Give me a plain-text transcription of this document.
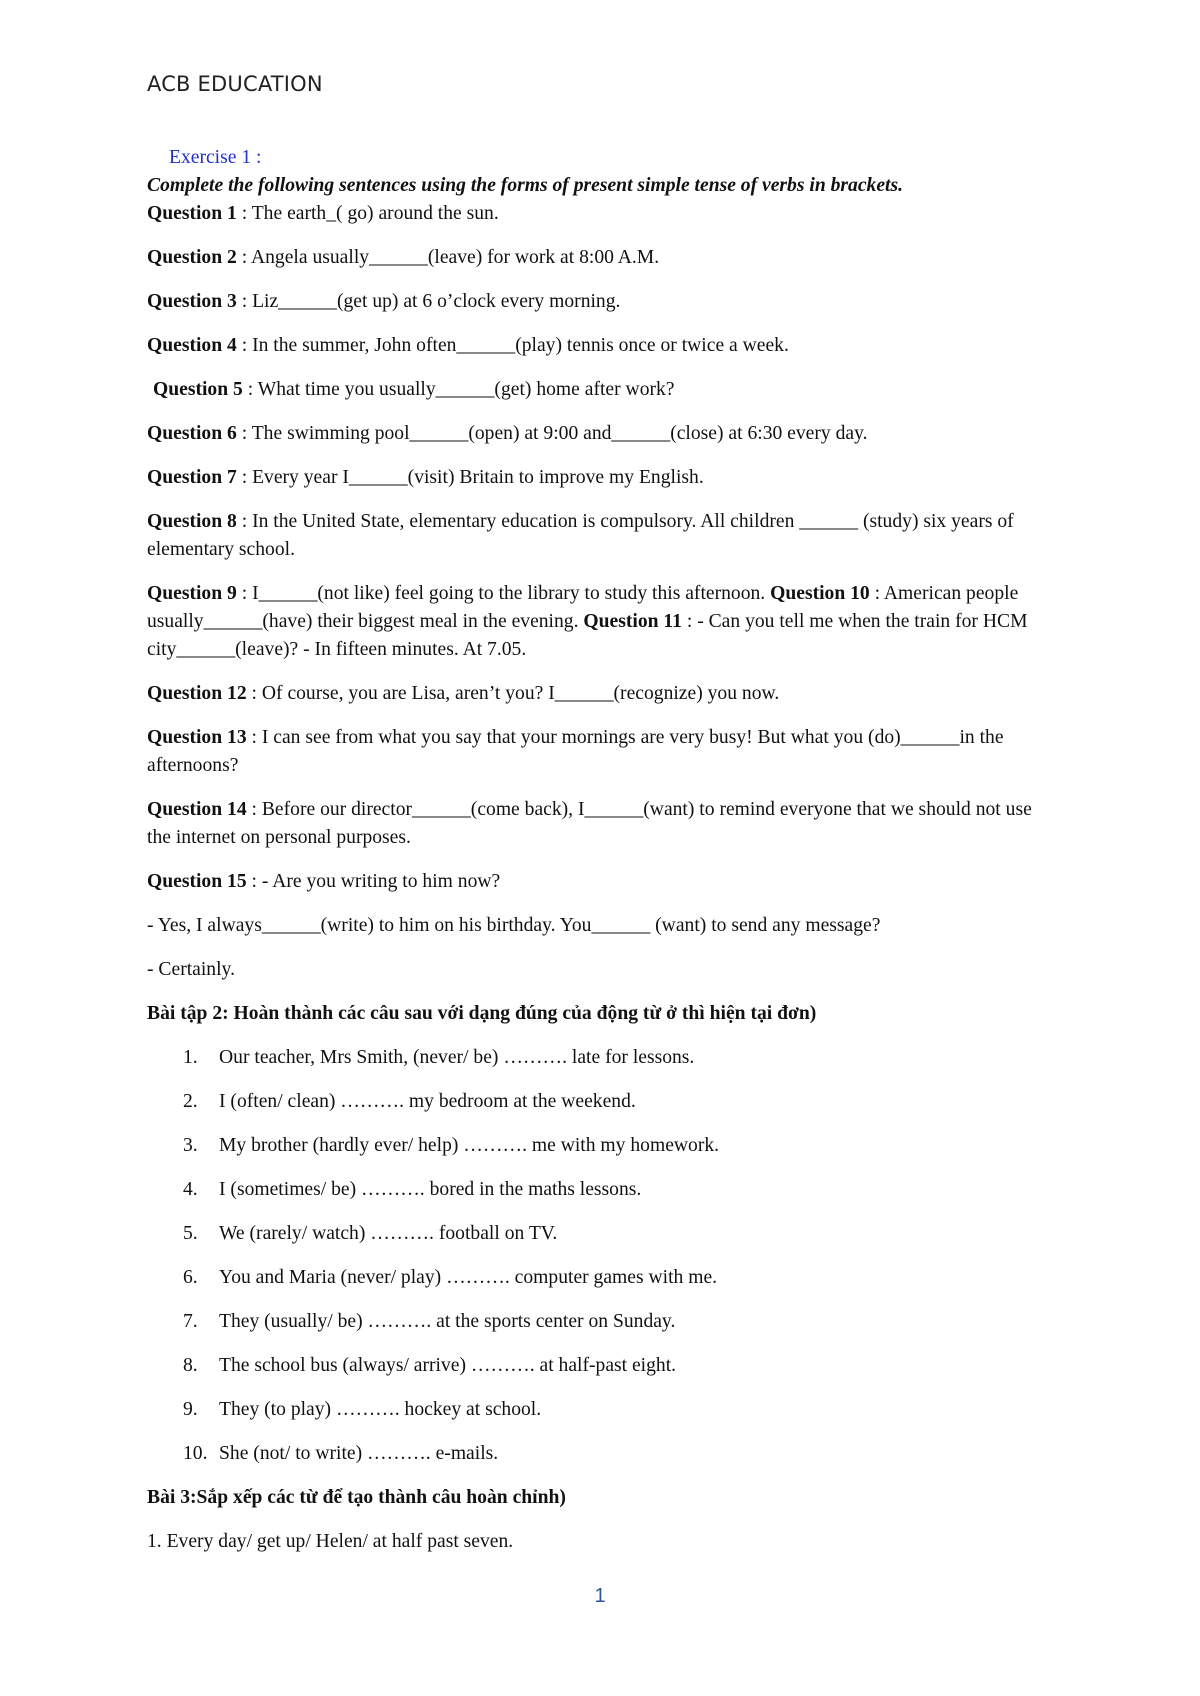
ACB EDUCATION
Exercise 1 :
Complete the following sentences using the forms of present simple tense of verbs in brackets.

Question 1 : The earth_( go) around the sun.

Question 2 : Angela usually______(leave) for work at 8:00 A.M.

Question 3 : Liz______(get up) at 6 o’clock every morning.

Question 4 : In the summer, John often______(play) tennis once or twice a week.

Question 5 : What time you usually______(get) home after work?

Question 6 : The swimming pool______(open) at 9:00 and______(close) at 6:30 every day.

Question 7 : Every year I______(visit) Britain to improve my English.

Question 8 : In the United State, elementary education is compulsory. All children ______ (study) six years of elementary school.

Question 9 : I______(not like) feel going to the library to study this afternoon. Question 10 : American people usually______(have) their biggest meal in the evening. Question 11 : - Can you tell me when the train for HCM city______(leave)? - In fifteen minutes. At 7.05.

Question 12 : Of course, you are Lisa, aren’t you? I______(recognize) you now.

Question 13 : I can see from what you say that your mornings are very busy! But what you (do)______in the afternoons?

Question 14 : Before our director______(come back), I______(want) to remind everyone that we should not use the internet on personal purposes.

Question 15 : - Are you writing to him now?

- Yes, I always______(write) to him on his birthday. You______ (want) to send any message?

- Certainly.

Bài tập 2: Hoàn thành các câu sau với dạng đúng của động từ ở thì hiện tại đơn)

1. Our teacher, Mrs Smith, (never/ be) ………. late for lessons.
2. I (often/ clean) ………. my bedroom at the weekend.
3. My brother (hardly ever/ help) ………. me with my homework.
4. I (sometimes/ be) ………. bored in the maths lessons.
5. We (rarely/ watch) ………. football on TV.
6. You and Maria (never/ play) ………. computer games with me.
7. They (usually/ be) ………. at the sports center on Sunday.
8. The school bus (always/ arrive) ………. at half-past eight.
9. They (to play) ………. hockey at school.
10. She (not/ to write) ………. e-mails.

Bài 3:Sắp xếp các từ để tạo thành câu hoàn chỉnh)

1. Every day/ get up/ Helen/ at half past seven.

1
